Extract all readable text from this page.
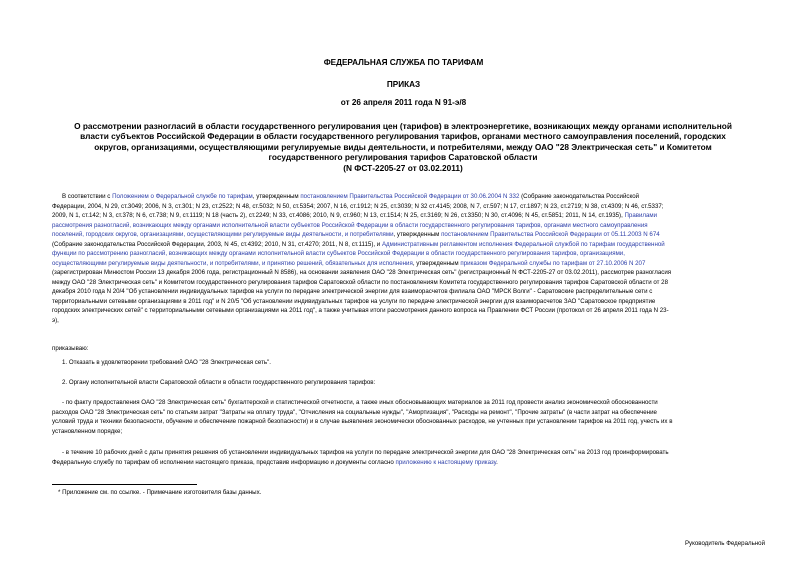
ФЕДЕРАЛЬНАЯ СЛУЖБА ПО ТАРИФАМ
ПРИКАЗ
от 26 апреля 2011 года N 91-э/8
О рассмотрении разногласий в области государственного регулирования цен (тарифов) в электроэнергетике, возникающих между органами исполнительной
власти субъектов Российской Федерации в области государственного регулирования тарифов, органами местного самоуправления поселений, городских
округов, организациями, осуществляющими регулируемые виды деятельности, и потребителями, между ОАО "28 Электрическая сеть" и Комитетом
государственного регулирования тарифов Саратовской области
(N ФСТ-2205-27 от 03.02.2011)
В соответствии с Положением о Федеральной службе по тарифам, утвержденным постановлением Правительства Российской Федерации от 30.06.2004 N 332 (Собрание законодательства Российской
Федерации, 2004, N 29, ст.3049; 2006, N 3, ст.301; N 23, ст.2522; N 48, ст.5032; N 50, ст.5354; 2007, N 16, ст.1912; N 25, ст.3039; N 32 ст.4145; 2008, N 7, ст.597; N 17, ст.1897; N 23, ст.2719; N 38, ст.4309; N 46, ст.5337;
2009, N 1, ст.142; N 3, ст.378; N 6, ст.738; N 9, ст.1119; N 18 (часть 2), ст.2249; N 33, ст.4086; 2010, N 9, ст.960; N 13, ст.1514; N 25, ст.3169; N 26, ст.3350; N 30, ст.4096; N 45, ст.5851; 2011, N 14, ст.1935), Правилами
рассмотрения разногласий, возникающих между органами исполнительной власти субъектов Российской Федерации в области государственного регулирования тарифов, органами местного самоуправления
поселений, городских округов, организациями, осуществляющими регулируемые виды деятельности, и потребителями, утвержденным постановлением Правительства Российской Федерации от 05.11.2003 N 674
(Собрание законодательства Российской Федерации, 2003, N 45, ст.4392; 2010, N 31, ст.4270; 2011, N 8, ст.1115), и Административным регламентом исполнения Федеральной службой по тарифам государственной
функции по рассмотрению разногласий, возникающих между органами исполнительной власти субъектов Российской Федерации в области государственного регулирования тарифов, организациями,
осуществляющими регулируемые виды деятельности, и потребителями, и принятию решений, обязательных для исполнения, утвержденным приказом Федеральной службы по тарифам от 27.10.2006 N 207
(зарегистрирован Минюстом России 13 декабря 2006 года, регистрационный N 8586), на основании заявления ОАО "28 Электрическая сеть" (регистрационный N ФСТ-2205-27 от 03.02.2011), рассмотрев разногласия
между ОАО "28 Электрическая сеть" и Комитетом государственного регулирования тарифов Саратовской области по постановлениям Комитета государственного регулирования тарифов Саратовской области от 28
декабря 2010 года N 20/4 "Об установлении индивидуальных тарифов на услуги по передаче электрической энергии для взаиморасчетов филиала ОАО "МРСК Волги" - Саратовские распределительные сети с
территориальными сетевыми организациями в 2011 год" и N 20/5 "Об установлении индивидуальных тарифов на услуги по передаче электрической энергии для взаиморасчетов ЗАО "Саратовское предприятие
городских электрических сетей" с территориальными сетевыми организациями на 2011 год", а также учитывая итоги рассмотрения данного вопроса на Правлении ФСТ России (протокол от 26 апреля 2011 года N 23-
э),
приказываю:
1. Отказать в удовлетворении требований ОАО "28 Электрическая сеть".
2. Органу исполнительной власти Саратовской области в области государственного регулирования тарифов:
- по факту предоставления ОАО "28 Электрическая сеть" бухгалтерской и статистической отчетности, а также иных обосновывающих материалов за 2011 год провести анализ экономической обоснованности
расходов ОАО "28 Электрическая сеть" по статьям затрат "Затраты на оплату труда", "Отчисления на социальные нужды", "Амортизация", "Расходы на ремонт", "Прочие затраты" (в части затрат на обеспечение
условий труда и техники безопасности, обучение и обеспечение пожарной безопасности) и в случае выявления экономически обоснованных расходов, не учтенных при установлении тарифов на 2011 год, учесть их в
установленном порядке;
- в течение 10 рабочих дней с даты принятия решения об установлении индивидуальных тарифов на услуги по передаче электрической энергии для ОАО "28 Электрическая сеть" на 2013 год проинформировать
Федеральную службу по тарифам об исполнении настоящего приказа, представив информацию и документы согласно приложению к настоящему приказу.
* Приложение см. по ссылке. - Примечание изготовителя базы данных.
Руководитель Федеральной
